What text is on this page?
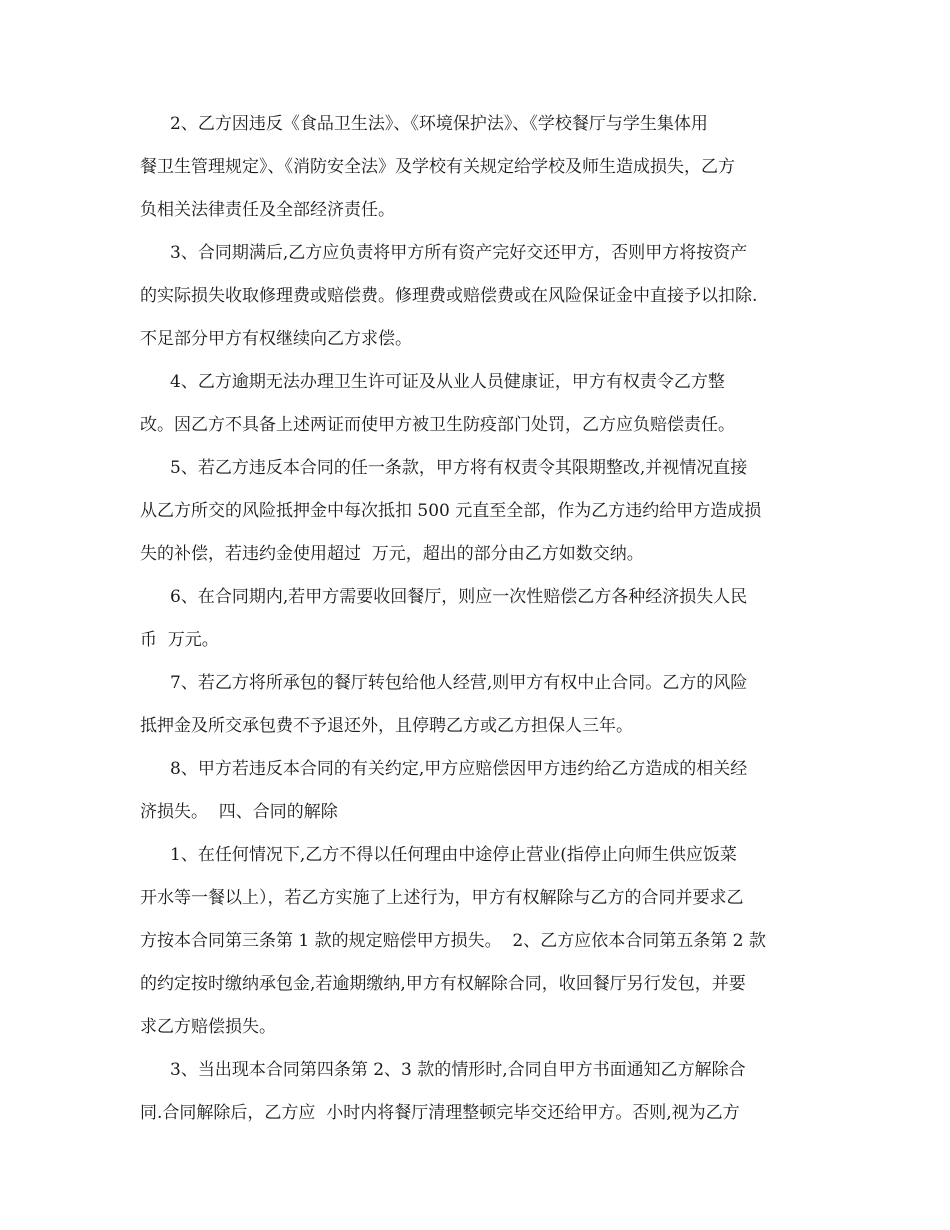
2、乙方因违反《食品卫生法》、《环境保护法》、《学校餐厅与学生集体用
餐卫生管理规定》、《消防安全法》及学校有关规定给学校及师生造成损失，乙方
负相关法律责任及全部经济责任。
3、合同期满后,乙方应负责将甲方所有资产完好交还甲方，否则甲方将按资产
的实际损失收取修理费或赔偿费。修理费或赔偿费或在风险保证金中直接予以扣除.
不足部分甲方有权继续向乙方求偿。
4、乙方逾期无法办理卫生许可证及从业人员健康证，甲方有权责令乙方整
改。因乙方不具备上述两证而使甲方被卫生防疫部门处罚，乙方应负赔偿责任。
5、若乙方违反本合同的任一条款，甲方将有权责令其限期整改,并视情况直接
从乙方所交的风险抵押金中每次抵扣 500 元直至全部，作为乙方违约给甲方造成损
失的补偿，若违约金使用超过  万元，超出的部分由乙方如数交纳。
6、在合同期内,若甲方需要收回餐厅，则应一次性赔偿乙方各种经济损失人民
币  万元。
7、若乙方将所承包的餐厅转包给他人经营,则甲方有权中止合同。乙方的风险
抵押金及所交承包费不予退还外，且停聘乙方或乙方担保人三年。
8、甲方若违反本合同的有关约定,甲方应赔偿因甲方违约给乙方造成的相关经
济损失。  四、合同的解除
1、在任何情况下,乙方不得以任何理由中途停止营业(指停止向师生供应饭菜
开水等一餐以上），若乙方实施了上述行为，甲方有权解除与乙方的合同并要求乙
方按本合同第三条第 1 款的规定赔偿甲方损失。  2、乙方应依本合同第五条第 2 款
的约定按时缴纳承包金,若逾期缴纳,甲方有权解除合同，收回餐厅另行发包，并要
求乙方赔偿损失。
3、当出现本合同第四条第 2、3 款的情形时,合同自甲方书面通知乙方解除合
同.合同解除后，乙方应  小时内将餐厅清理整顿完毕交还给甲方。否则,视为乙方
